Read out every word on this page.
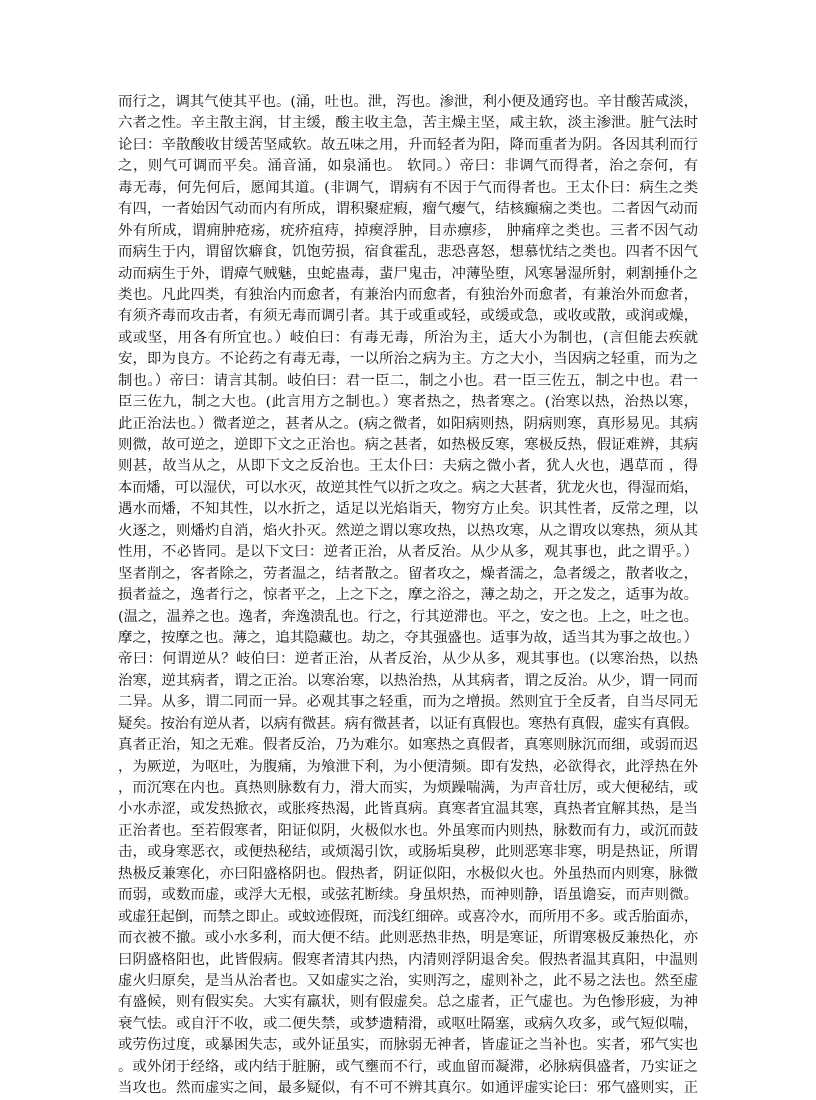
而行之，调其气使其平也。(涌，吐也。泄，泻也。渗泄，利小便及通窍也。辛甘酸苦咸淡，
六者之性。辛主散主润，甘主缓，酸主收主急，苦主燥主坚，咸主软，淡主渗泄。脏气法时
论曰：辛散酸收甘缓苦坚咸软。故五味之用，升而轻者为阳，降而重者为阴。各因其利而行
之，则气可调而平矣。涌音涌，如泉涌也。 软同。）帝曰：非调气而得者，治之奈何，有
毒无毒，何先何后，愿闻其道。(非调气，谓病有不因于气而得者也。王太仆曰：病生之类
有四，一者始因气动而内有所成，谓积聚症瘕，瘤气瘿气，结核癫痫之类也。二者因气动而
外有所成，谓痈肿疮疡，疣疥疽痔，掉瘈浮肿，目赤瘭疹， 肿痛痒之类也。三者不因气动
而病生于内，谓留饮癖食，饥饱劳损，宿食霍乱，悲恐喜怒，想慕忧结之类也。四者不因气
动而病生于外，谓瘴气贼魅，虫蛇蛊毒，蜚尸鬼击，冲薄坠堕，风寒暑湿所射，刺割捶仆之
类也。凡此四类，有独治内而愈者，有兼治内而愈者，有独治外而愈者，有兼治外而愈者，
有须齐毒而攻击者，有须无毒而调引者。其于或重或轻，或缓或急，或收或散，或润或燥，
或或坚，用各有所宜也。）岐伯曰：有毒无毒，所治为主，适大小为制也，(言但能去疾就
安，即为良方。不论药之有毒无毒，一以所治之病为主。方之大小，当因病之轻重，而为之
制也。）帝曰：请言其制。岐伯曰：君一臣二，制之小也。君一臣三佐五，制之中也。君一
臣三佐九，制之大也。(此言用方之制也。）寒者热之，热者寒之。(治寒以热，治热以寒，
此正治法也。）微者逆之，甚者从之。(病之微者，如阳病则热，阴病则寒，真形易见。其病
则微，故可逆之，逆即下文之正治也。病之甚者，如热极反寒，寒极反热，假证难辨，其病
则甚，故当从之，从即下文之反治也。王太仆曰：夫病之微小者，犹人火也，遇草而 ，得
本而燔，可以湿伏，可以水灭，故逆其性气以折之攻之。病之大甚者，犹龙火也，得湿而焰，
遇水而燔，不知其性，以水折之，适足以光焰诣天，物穷方止矣。识其性者，反常之理，以
火逐之，则燔灼自消，焰火扑灭。然逆之谓以寒攻热，以热攻寒，从之谓攻以寒热，须从其
性用，不必皆同。是以下文曰：逆者正治，从者反治。从少从多，观其事也，此之谓乎。）
坚者削之，客者除之，劳者温之，结者散之。留者攻之，燥者濡之，急者缓之，散者收之，
损者益之，逸者行之，惊者平之，上之下之，摩之浴之，薄之劫之，开之发之，适事为故。
(温之，温养之也。逸者，奔逸溃乱也。行之，行其逆滞也。平之，安之也。上之，吐之也。
摩之，按摩之也。薄之，追其隐藏也。劫之，夺其强盛也。适事为故，适当其为事之故也。）
帝曰：何谓逆从？岐伯曰：逆者正治，从者反治，从少从多，观其事也。(以寒治热，以热
治寒，逆其病者，谓之正治。以寒治寒，以热治热，从其病者，谓之反治。从少，谓一同而
二异。从多，谓二同而一异。必观其事之轻重，而为之增损。然则宜于全反者，自当尽同无
疑矣。按治有逆从者，以病有微甚。病有微甚者，以证有真假也。寒热有真假，虚实有真假。
真者正治，知之无难。假者反治，乃为难尔。如寒热之真假者，真寒则脉沉而细，或弱而迟
，为厥逆，为呕吐，为腹痛，为飧泄下利，为小便清频。即有发热，必欲得衣，此浮热在外
，而沉寒在内也。真热则脉数有力，滑大而实，为烦躁喘满，为声音壮厉，或大便秘结，或
小水赤涩，或发热掀衣，或胀疼热渴，此皆真病。真寒者宜温其寒，真热者宜解其热，是当
正治者也。至若假寒者，阳证似阴，火极似水也。外虽寒而内则热，脉数而有力，或沉而鼓
击，或身寒恶衣，或便热秘结，或烦渴引饮，或肠垢臭秽，此则恶寒非寒，明是热证，所谓
热极反兼寒化，亦曰阳盛格阴也。假热者，阴证似阳，水极似火也。外虽热而内则寒，脉微
而弱，或数而虚，或浮大无根，或弦芤断续。身虽炽热，而神则静，语虽谵妄，而声则微。
或虚狂起倒，而禁之即止。或蚊迹假斑，而浅红细碎。或喜冷水，而所用不多。或舌胎面赤，
而衣被不撤。或小水多利，而大便不结。此则恶热非热，明是寒证，所谓寒极反兼热化，亦
曰阴盛格阳也，此皆假病。假寒者清其内热，内清则浮阴退舍矣。假热者温其真阳，中温则
虚火归原矣，是当从治者也。又如虚实之治，实则泻之，虚则补之，此不易之法也。然至虚
有盛候，则有假实矣。大实有羸状，则有假虚矣。总之虚者，正气虚也。为色惨形疲，为神
衰气怯。或自汗不收，或二便失禁，或梦遗精滑，或呕吐隔塞，或病久攻多，或气短似喘，
或劳伤过度，或暴困失志，或外证虽实，而脉弱无神者，皆虚证之当补也。实者，邪气实也
。或外闭于经络，或内结于脏腑，或气壅而不行，或血留而凝滞，必脉病俱盛者，乃实证之
当攻也。然而虚实之间，最多疑似，有不可不辨其真尔。如通评虚实论曰：邪气盛则实，正
